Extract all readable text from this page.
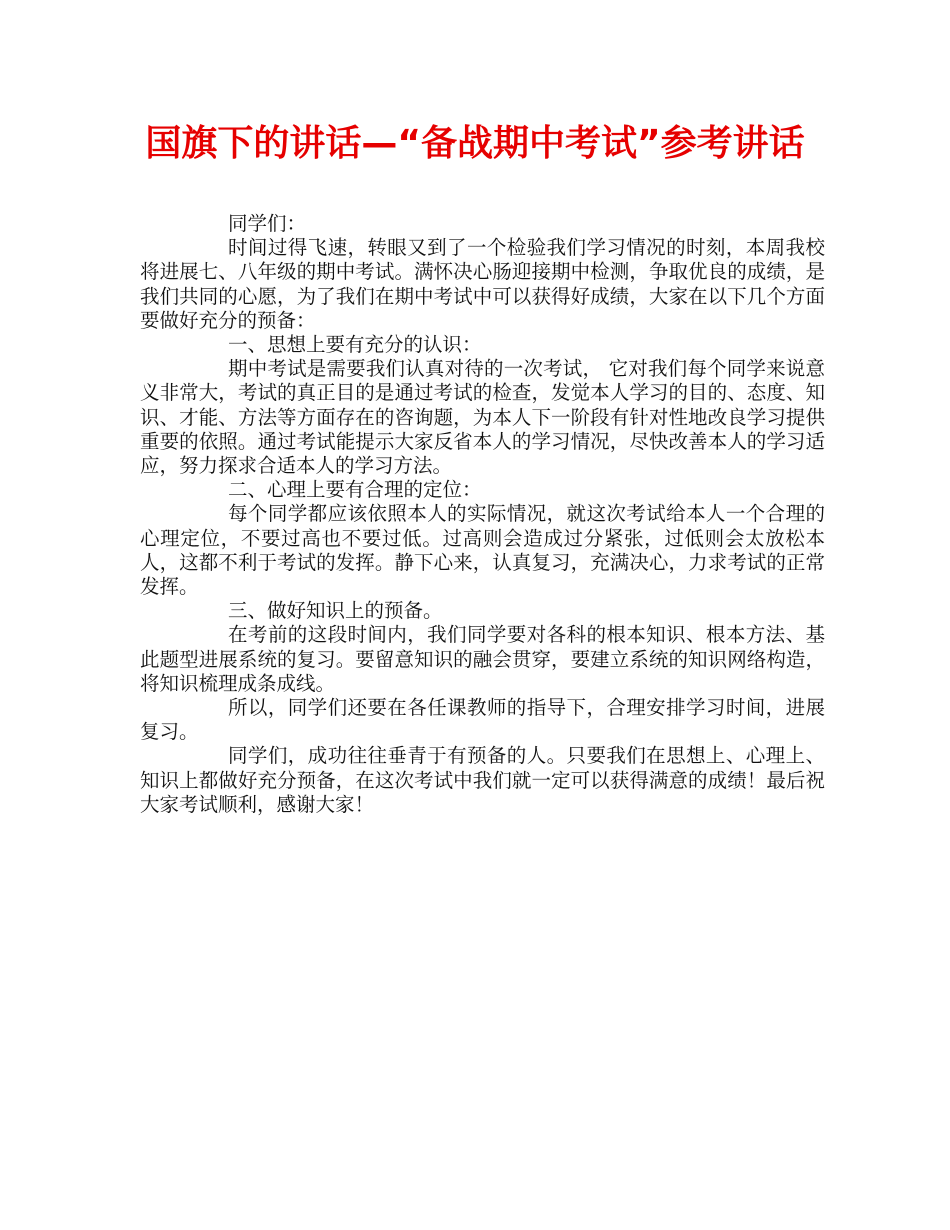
国旗下的讲话—“备战期中考试”参考讲话

同学们：

时间过得飞速，转眼又到了一个检验我们学习情况的时刻，本周我校将进展七、八年级的期中考试。满怀决心肠迎接期中检测，争取优良的成绩，是我们共同的心愿，为了我们在期中考试中可以获得好成绩，大家在以下几个方面要做好充分的预备：

一、思想上要有充分的认识：

期中考试是需要我们认真对待的一次考试， 它对我们每个同学来说意义非常大，考试的真正目的是通过考试的检查，发觉本人学习的目的、态度、知识、才能、方法等方面存在的咨询题，为本人下一阶段有针对性地改良学习提供重要的依照。通过考试能提示大家反省本人的学习情况，尽快改善本人的学习适应，努力探求合适本人的学习方法。

二、心理上要有合理的定位：

每个同学都应该依照本人的实际情况，就这次考试给本人一个合理的心理定位，不要过高也不要过低。过高则会造成过分紧张，过低则会太放松本人，这都不利于考试的发挥。静下心来，认真复习，充满决心，力求考试的正常发挥。

三、做好知识上的预备。

在考前的这段时间内，我们同学要对各科的根本知识、根本方法、基此题型进展系统的复习。要留意知识的融会贯穿，要建立系统的知识网络构造，将知识梳理成条成线。

所以，同学们还要在各任课教师的指导下，合理安排学习时间，进展复习。

同学们，成功往往垂青于有预备的人。只要我们在思想上、心理上、知识上都做好充分预备，在这次考试中我们就一定可以获得满意的成绩！最后祝大家考试顺利，感谢大家！
